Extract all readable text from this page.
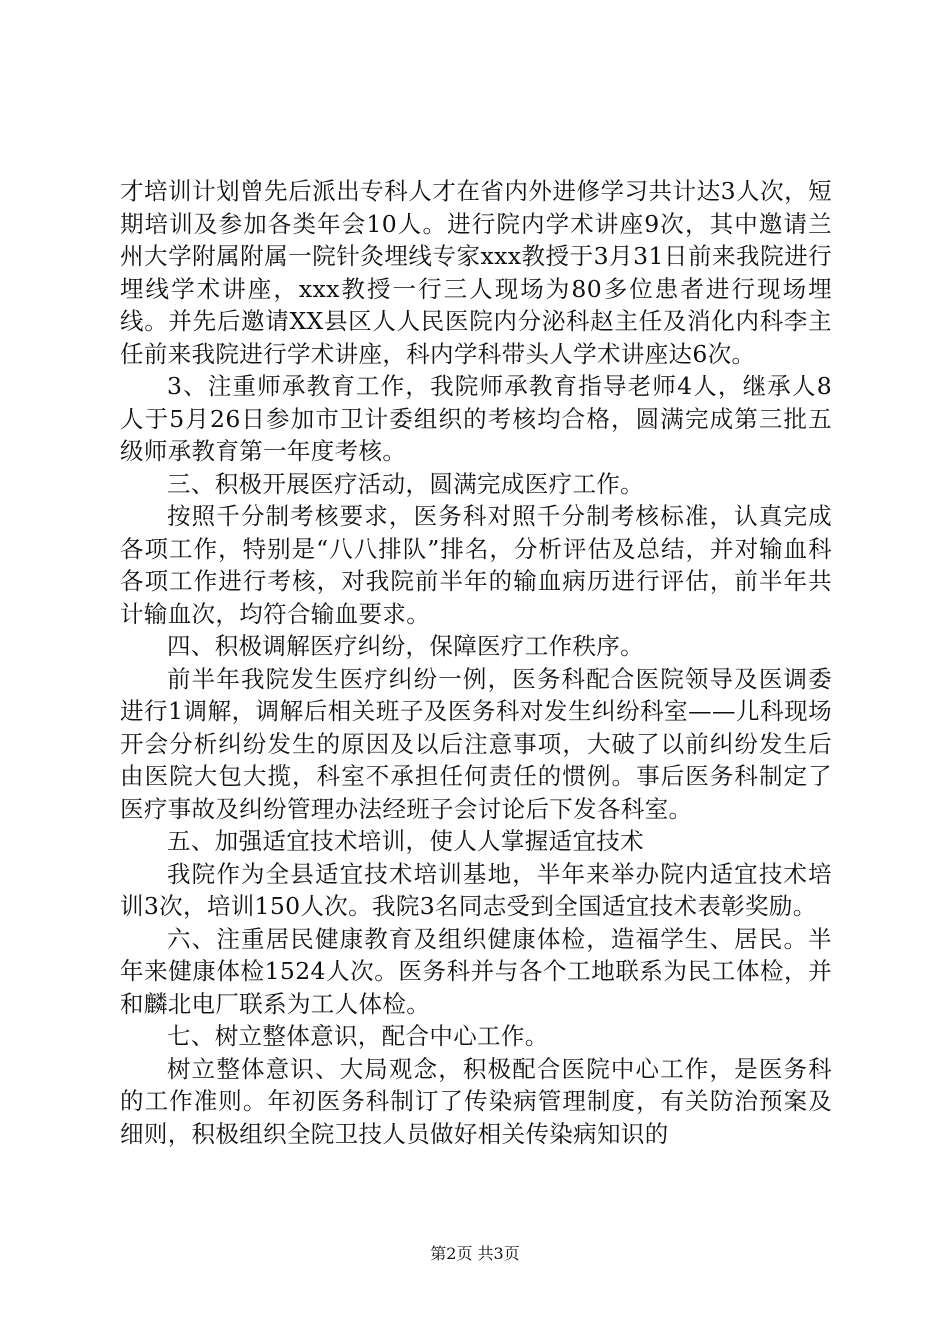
才培训计划曾先后派出专科人才在省内外进修学习共计达3人次，短期培训及参加各类年会10人。进行院内学术讲座9次，其中邀请兰州大学附属附属一院针灸埋线专家xxx教授于3月31日前来我院进行埋线学术讲座，xxx教授一行三人现场为80多位患者进行现场埋线。并先后邀请XX县区人人民医院内分泌科赵主任及消化内科李主任前来我院进行学术讲座，科内学科带头人学术讲座达6次。

3、注重师承教育工作，我院师承教育指导老师4人，继承人8人于5月26日参加市卫计委组织的考核均合格，圆满完成第三批五级师承教育第一年度考核。

三、积极开展医疗活动，圆满完成医疗工作。

按照千分制考核要求，医务科对照千分制考核标准，认真完成各项工作，特别是“八八排队”排名，分析评估及总结，并对输血科各项工作进行考核，对我院前半年的输血病历进行评估，前半年共计输血次，均符合输血要求。

四、积极调解医疗纠纷，保障医疗工作秩序。

前半年我院发生医疗纠纷一例，医务科配合医院领导及医调委进行1调解，调解后相关班子及医务科对发生纠纷科室——儿科现场开会分析纠纷发生的原因及以后注意事项，大破了以前纠纷发生后由医院大包大揽，科室不承担任何责任的惯例。事后医务科制定了医疗事故及纠纷管理办法经班子会讨论后下发各科室。

五、加强适宜技术培训，使人人掌握适宜技术

我院作为全县适宜技术培训基地，半年来举办院内适宜技术培训3次，培训150人次。我院3名同志受到全国适宜技术表彰奖励。

六、注重居民健康教育及组织健康体检，造福学生、居民。半年来健康体检1524人次。医务科并与各个工地联系为民工体检，并和麟北电厂联系为工人体检。

七、树立整体意识，配合中心工作。

树立整体意识、大局观念，积极配合医院中心工作，是医务科的工作准则。年初医务科制订了传染病管理制度，有关防治预案及细则，积极组织全院卫技人员做好相关传染病知识的

第2页 共3页
